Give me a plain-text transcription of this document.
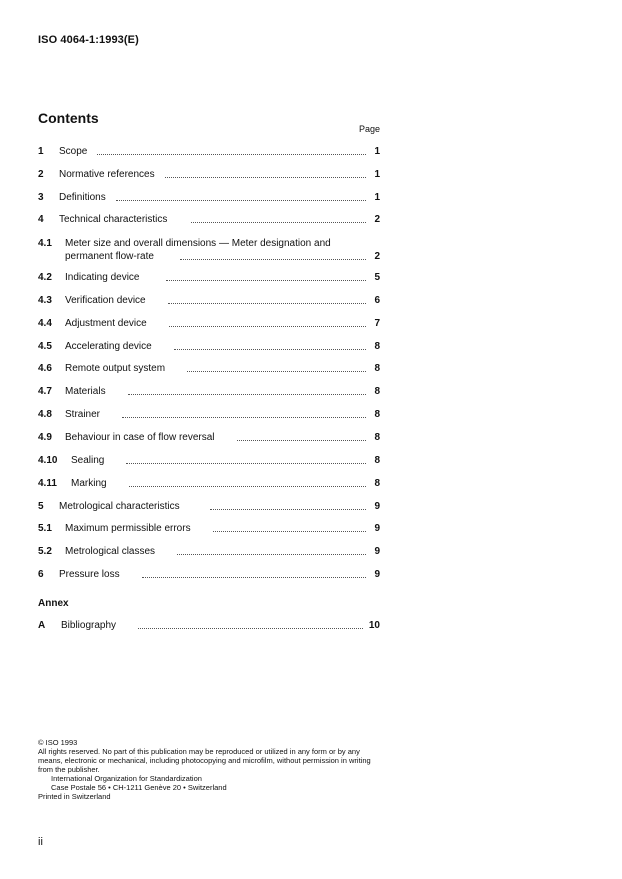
ISO 4064-1:1993(E)
Contents
Page
1	Scope	1
2	Normative references	1
3	Definitions	1
4	Technical characteristics	2
4.1	Meter size and overall dimensions — Meter designation and
permanent flow-rate	2
4.2	Indicating device	5
4.3	Verification device	6
4.4	Adjustment device	7
4.5	Accelerating device	8
4.6	Remote output system	8
4.7	Materials	8
4.8	Strainer	8
4.9	Behaviour in case of flow reversal	8
4.10	Sealing	8
4.11	Marking	8
5	Metrological characteristics	9
5.1	Maximum permissible errors	9
5.2	Metrological classes	9
6	Pressure loss	9
Annex
A	Bibliography	10
© ISO 1993
All rights reserved. No part of this publication may be reproduced or utilized in any form or by any means, electronic or mechanical, including photocopying and microfilm, without permission in writing from the publisher.
International Organization for Standardization
Case Postale 56 • CH-1211 Genève 20 • Switzerland
Printed in Switzerland
ii
